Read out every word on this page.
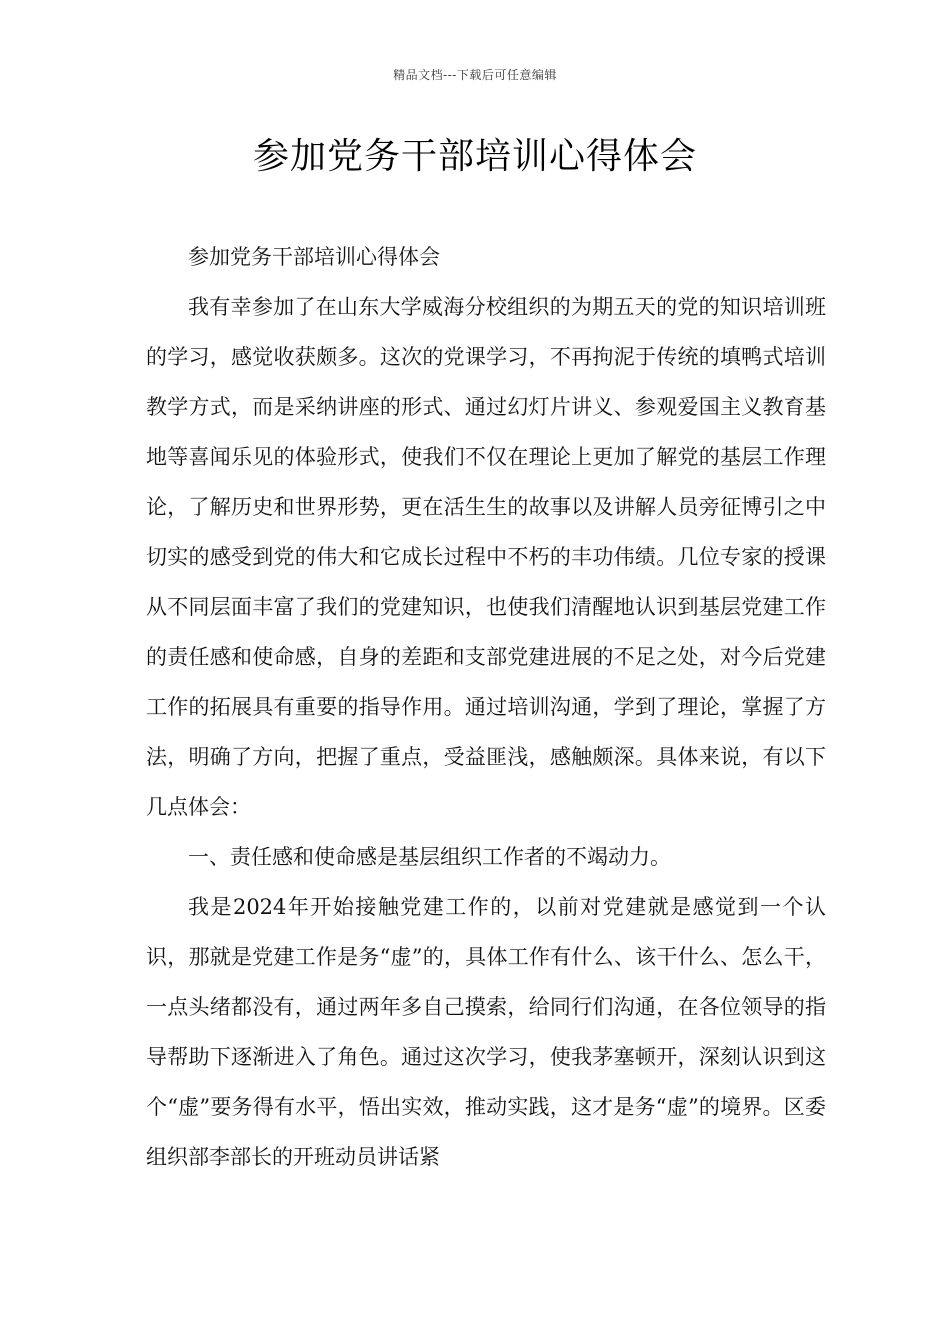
精品文档---下载后可任意编辑
参加党务干部培训心得体会

参加党务干部培训心得体会

我有幸参加了在山东大学威海分校组织的为期五天的党的知识培训班的学习，感觉收获颇多。这次的党课学习，不再拘泥于传统的填鸭式培训教学方式，而是采纳讲座的形式、通过幻灯片讲义、参观爱国主义教育基地等喜闻乐见的体验形式，使我们不仅在理论上更加了解党的基层工作理论，了解历史和世界形势，更在活生生的故事以及讲解人员旁征博引之中切实的感受到党的伟大和它成长过程中不朽的丰功伟绩。几位专家的授课从不同层面丰富了我们的党建知识，也使我们清醒地认识到基层党建工作的责任感和使命感，自身的差距和支部党建进展的不足之处，对今后党建工作的拓展具有重要的指导作用。通过培训沟通，学到了理论，掌握了方法，明确了方向，把握了重点，受益匪浅，感触颇深。具体来说，有以下几点体会：

一、责任感和使命感是基层组织工作者的不竭动力。

我是2024年开始接触党建工作的，以前对党建就是感觉到一个认识，那就是党建工作是务“虚”的，具体工作有什么、该干什么、怎么干，一点头绪都没有，通过两年多自己摸索，给同行们沟通，在各位领导的指导帮助下逐渐进入了角色。通过这次学习，使我茅塞顿开，深刻认识到这个“虚”要务得有水平，悟出实效，推动实践，这才是务“虚”的境界。区委组织部李部长的开班动员讲话紧
